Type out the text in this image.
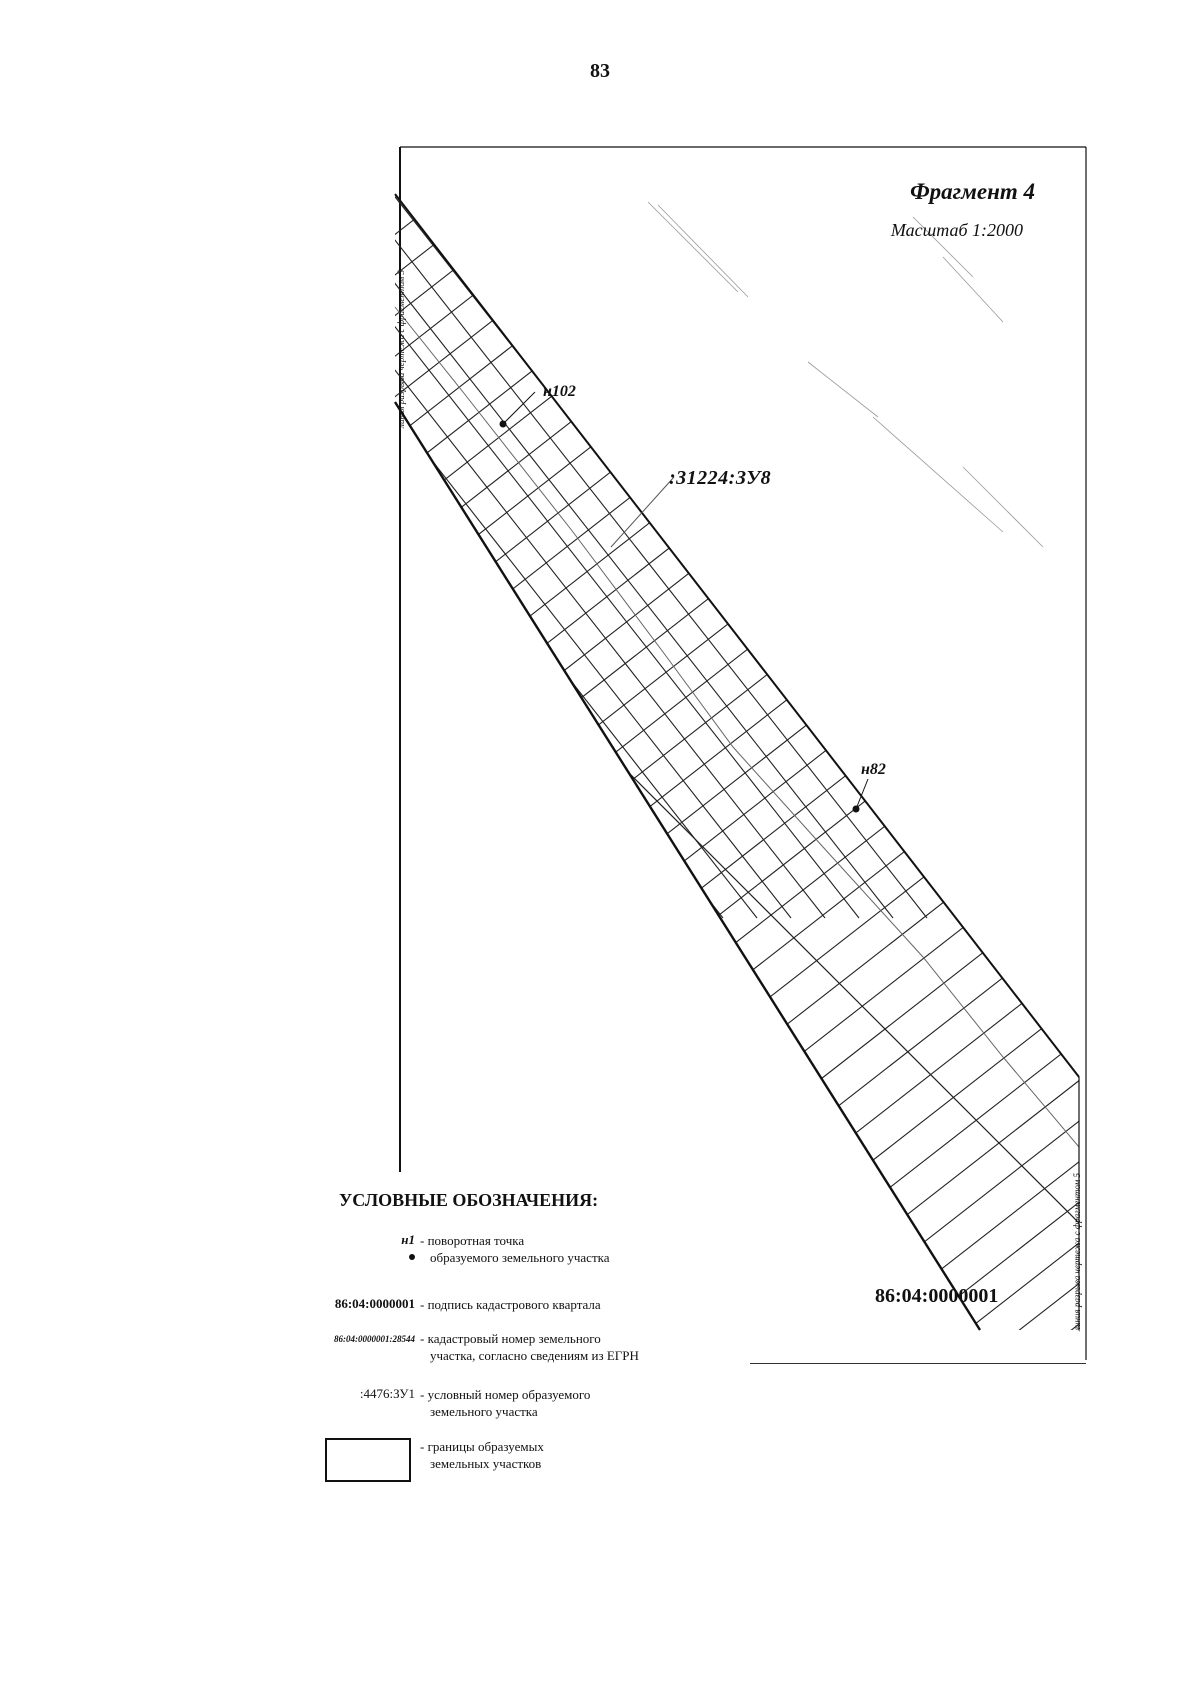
83
Фрагмент 4
Масштаб 1:2000
н102
н82
:31224:ЗУ8
86:04:0000001
линия разрыва чертежа с фрагментом 3
линия разрыва чертежа с фрагментом 5
УСЛОВНЫЕ ОБОЗНАЧЕНИЯ:
н1 - поворотная точка
образуемого земельного участка
86:04:0000001 - подпись кадастрового квартала
86:04:0000001:28544 - кадастровый номер земельного
участка, согласно сведениям из ЕГРН
:4476:ЗУ1 - условный номер образуемого
земельного участка
- границы образуемых
земельных участков
